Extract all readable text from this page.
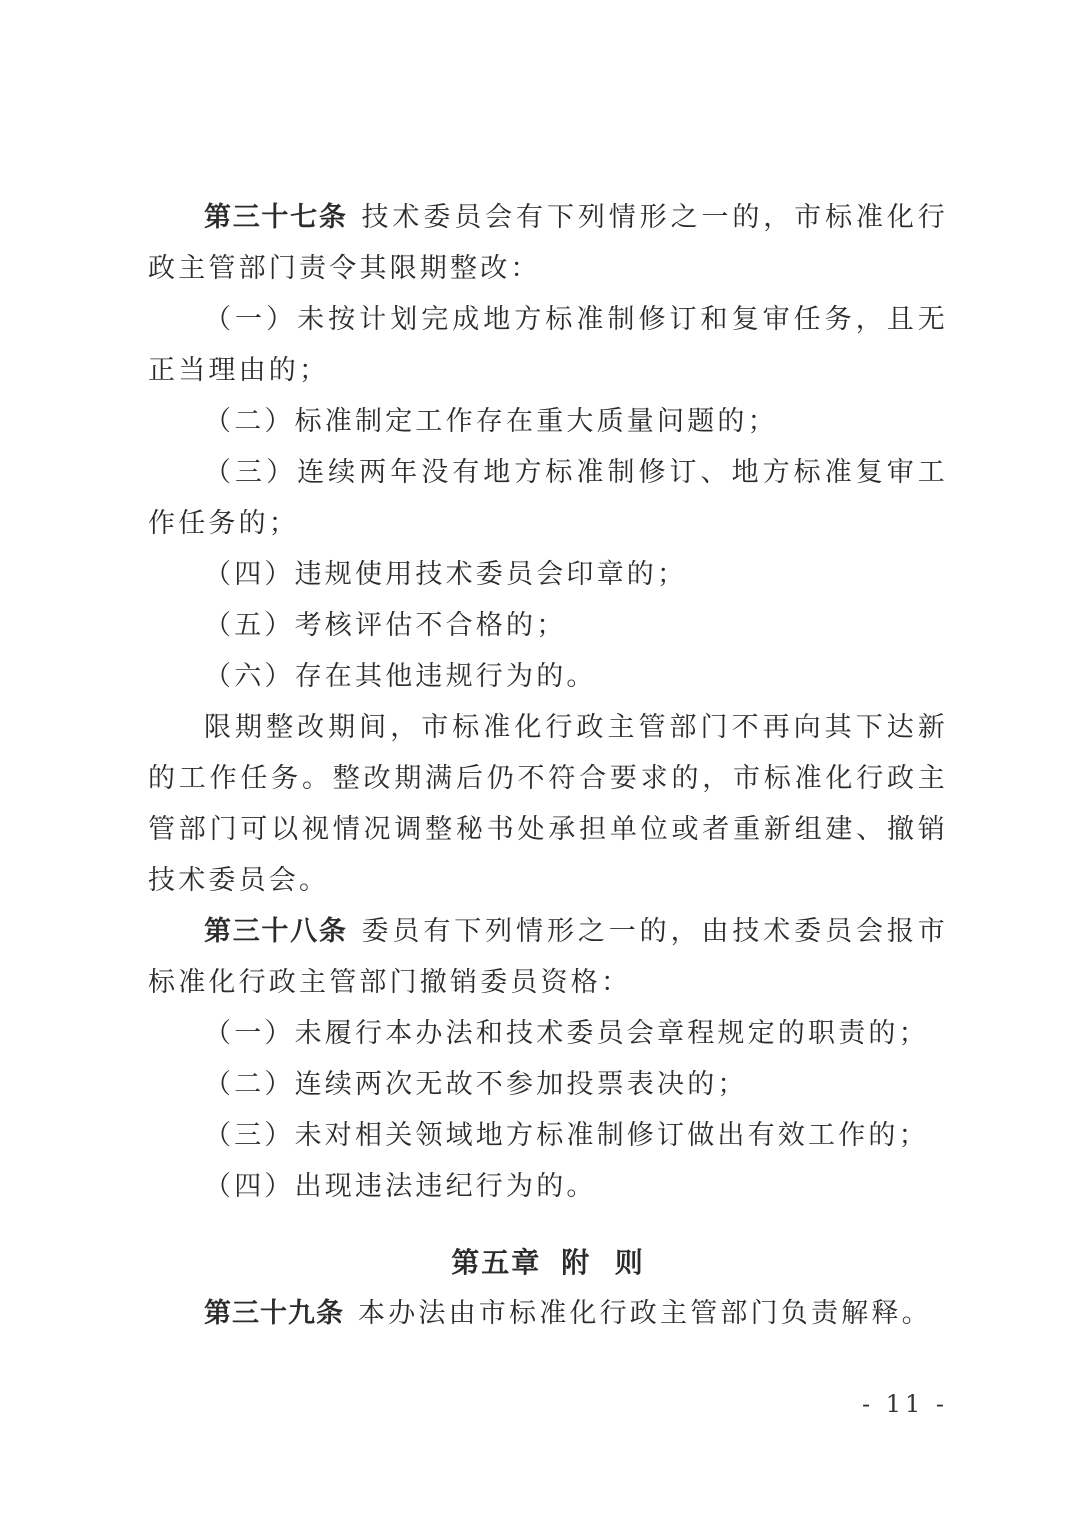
第三十七条 技术委员会有下列情形之一的，市标准化行政主管部门责令其限期整改：

（一）未按计划完成地方标准制修订和复审任务，且无正当理由的；

（二）标准制定工作存在重大质量问题的；

（三）连续两年没有地方标准制修订、地方标准复审工作任务的；

（四）违规使用技术委员会印章的；

（五）考核评估不合格的；

（六）存在其他违规行为的。

限期整改期间，市标准化行政主管部门不再向其下达新的工作任务。整改期满后仍不符合要求的，市标准化行政主管部门可以视情况调整秘书处承担单位或者重新组建、撤销技术委员会。

第三十八条 委员有下列情形之一的，由技术委员会报市标准化行政主管部门撤销委员资格：

（一）未履行本办法和技术委员会章程规定的职责的；

（二）连续两次无故不参加投票表决的；

（三）未对相关领域地方标准制修订做出有效工作的；

（四）出现违法违纪行为的。

第五章 附  则

第三十九条 本办法由市标准化行政主管部门负责解释。

- 11 -
